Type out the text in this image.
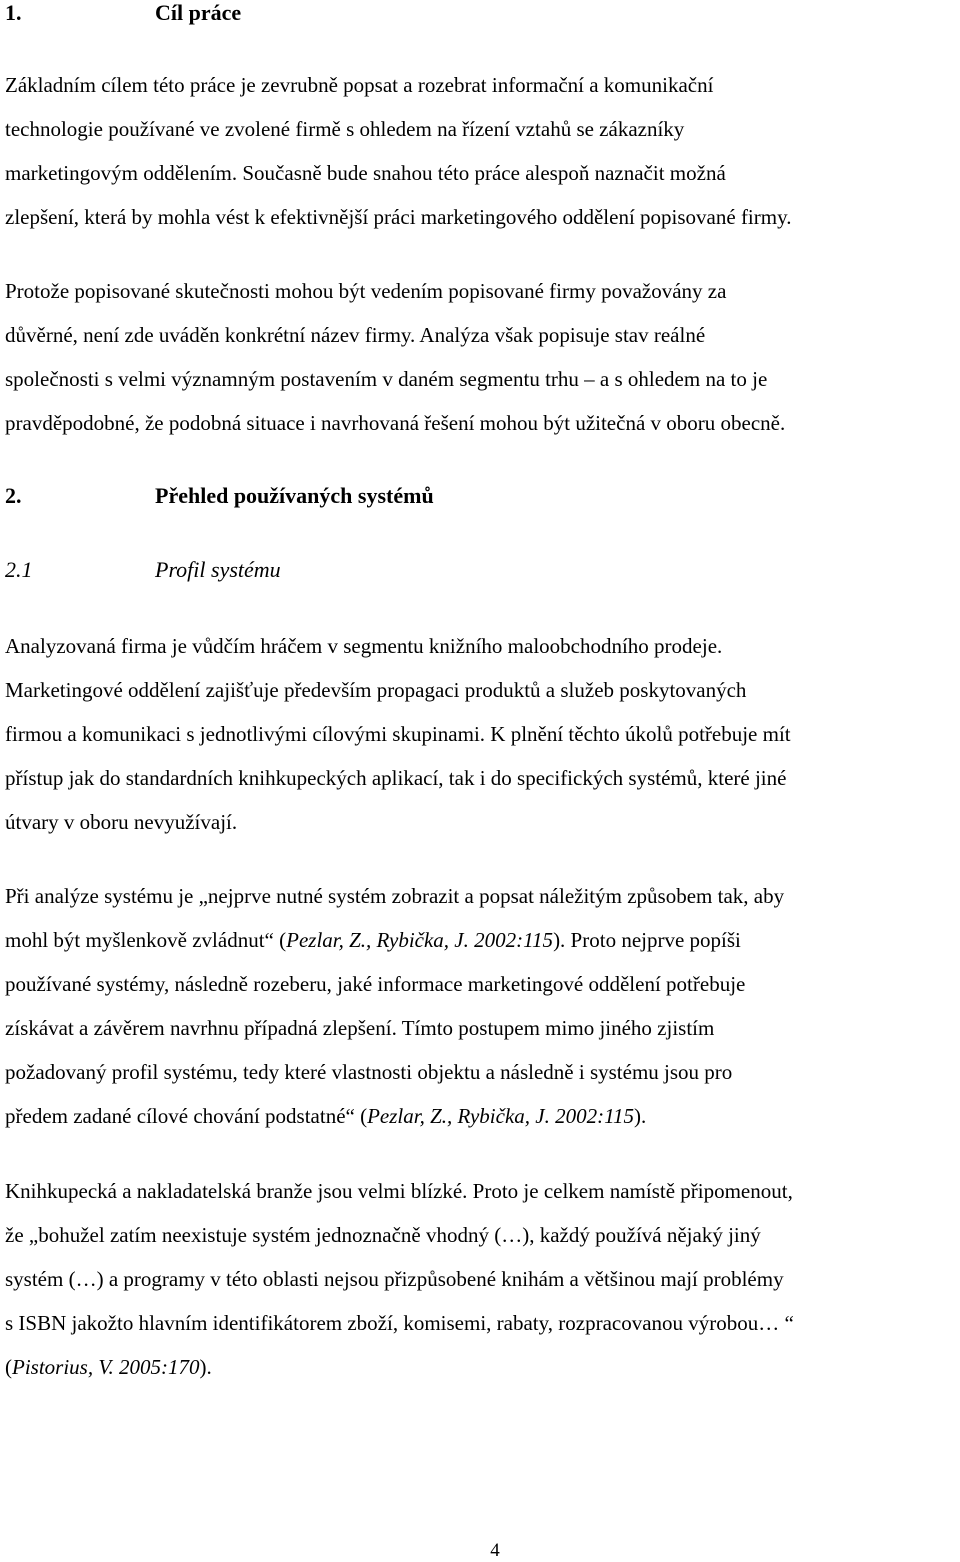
1.	Cíl práce
Základním cílem této práce je zevrubně popsat a rozebrat informační a komunikační
technologie používané ve zvolené firmě s ohledem na řízení vztahů se zákazníky
marketingovým oddělením. Současně bude snahou této práce alespoň naznačit možná
zlepšení, která by mohla vést k efektivnější práci marketingového oddělení popisované firmy.
Protože popisované skutečnosti mohou být vedením popisované firmy považovány za
důvěrné, není zde uváděn konkrétní název firmy. Analýza však popisuje stav reálné
společnosti s velmi významným postavením v daném segmentu trhu – a s ohledem na to je
pravděpodobné, že podobná situace i navrhovaná řešení mohou být užitečná v oboru obecně.
2.	Přehled používaných systémů
2.1	Profil systému
Analyzovaná firma je vůdčím hráčem v segmentu knižního maloobchodního prodeje.
Marketingové oddělení zajišťuje především propagaci produktů a služeb poskytovaných
firmou a komunikaci s jednotlivými cílovými skupinami. K plnění těchto úkolů potřebuje mít
přístup jak do standardních knihkupeckých aplikací, tak i do specifických systémů, které jiné
útvary v oboru nevyužívají.
Při analýze systému je „nejprve nutné systém zobrazit a popsat náležitým způsobem tak, aby
mohl být myšlenkově zvládnut“ (Pezlar, Z., Rybička, J. 2002:115). Proto nejprve popíši
používané systémy, následně rozeberu, jaké informace marketingové oddělení potřebuje
získávat a závěrem navrhnu případná zlepšení. Tímto postupem mimo jiného zjistím
požadovaný profil systému, tedy které vlastnosti objektu a následně i systému jsou pro
předem zadané cílové chování podstatné“ (Pezlar, Z., Rybička, J. 2002:115).
Knihkupecká a nakladatelská branže jsou velmi blízké. Proto je celkem namístě připomenout,
že „bohužel zatím neexistuje systém jednoznačně vhodný (…), každý používá nějaký jiný
systém (…) a programy v této oblasti nejsou přizpůsobené knihám a většinou mají problémy
s ISBN jakožto hlavním identifikátorem zboží, komisemi, rabaty, rozpracovanou výrobou… “
(Pistorius, V. 2005:170).
4
